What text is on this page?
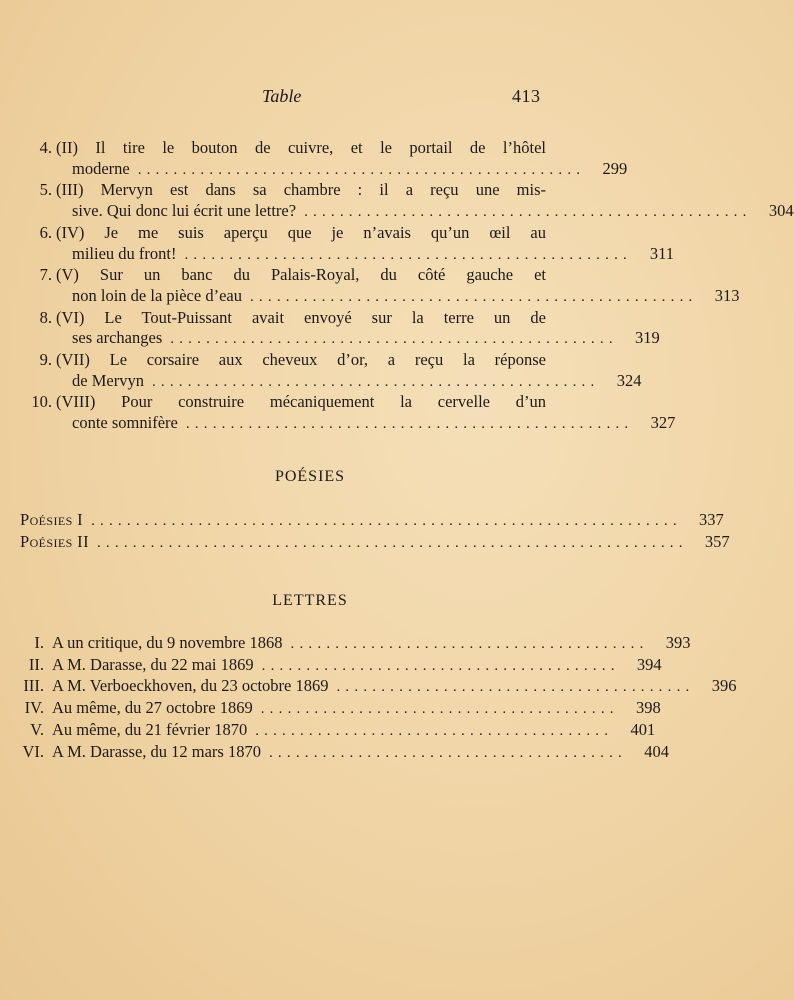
Table	413
4. (II) Il tire le bouton de cuivre, et le portail de l’hôtel
moderne ..................................................	299
5. (III) Mervyn est dans sa chambre : il a reçu une mis-
sive. Qui donc lui écrit une lettre? ..................................................	304
6. (IV) Je me suis aperçu que je n’avais qu’un œil au
milieu du front! ..................................................	311
7. (V) Sur un banc du Palais-Royal, du côté gauche et
non loin de la pièce d’eau ..................................................	313
8. (VI) Le Tout-Puissant avait envoyé sur la terre un de
ses archanges ..................................................	319
9. (VII) Le corsaire aux cheveux d’or, a reçu la réponse
de Mervyn ..................................................	324
10. (VIII) Pour construire mécaniquement la cervelle d’un
conte somnifère ..................................................	327
POÉSIES
Poésies I ..................................................................	337
Poésies II ..................................................................	357
LETTRES
I. A un critique, du 9 novembre 1868 ........................................	393
II. A M. Darasse, du 22 mai 1869 ........................................	394
III. A M. Verboeckhoven, du 23 octobre 1869 ........................................	396
IV. Au même, du 27 octobre 1869 ........................................	398
V. Au même, du 21 février 1870 ........................................	401
VI. A M. Darasse, du 12 mars 1870 ........................................	404
